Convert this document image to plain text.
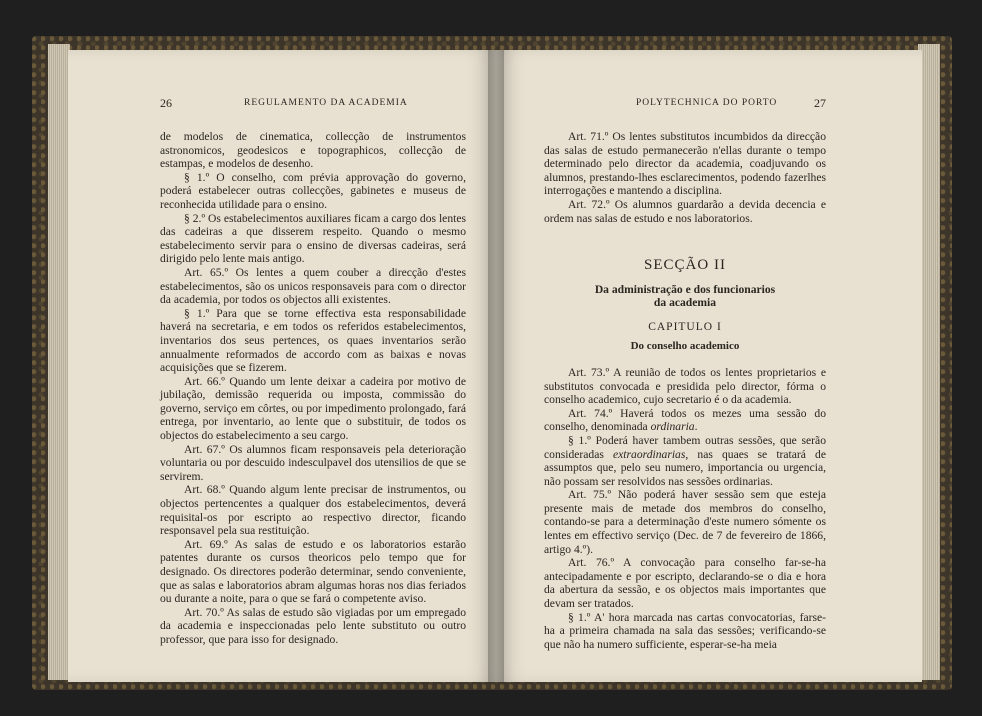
26	REGULAMENTO DA ACADEMIA

de modelos de cinematica, collecção de instrumentos astronomicos, geodesicos e topographicos, collecção de estampas, e modelos de desenho.

§ 1.º O conselho, com prévia approvação do governo, poderá estabelecer outras collecções, gabinetes e museus de reconhecida utilidade para o ensino.

§ 2.º Os estabelecimentos auxiliares ficam a cargo dos lentes das cadeiras a que disserem respeito. Quando o mesmo estabelecimento servir para o ensino de diversas cadeiras, será dirigido pelo lente mais antigo.

Art. 65.º Os lentes a quem couber a direcção d'estes estabelecimentos, são os unicos responsaveis para com o director da academia, por todos os objectos alli existentes.

§ 1.º Para que se torne effectiva esta responsabilidade haverá na secretaria, e em todos os referidos estabelecimentos, inventarios dos seus pertences, os quaes inventarios serão annualmente reformados de accordo com as baixas e novas acquisições que se fizerem.

Art. 66.º Quando um lente deixar a cadeira por motivo de jubilação, demissão requerida ou imposta, commissão do governo, serviço em côrtes, ou por impedimento prolongado, fará entrega, por inventario, ao lente que o substituir, de todos os objectos do estabelecimento a seu cargo.

Art. 67.º Os alumnos ficam responsaveis pela deterioração voluntaria ou por descuido indesculpavel dos utensilios de que se servirem.

Art. 68.º Quando algum lente precisar de instrumentos, ou objectos pertencentes a qualquer dos estabelecimentos, deverá requisital-os por escripto ao respectivo director, ficando responsavel pela sua restituição.

Art. 69.º As salas de estudo e os laboratorios estarão patentes durante os cursos theoricos pelo tempo que for designado. Os directores poderão determinar, sendo conveniente, que as salas e laboratorios abram algumas horas nos dias feriados ou durante a noite, para o que se fará o competente aviso.

Art. 70.º As salas de estudo são vigiadas por um empregado da academia e inspeccionadas pelo lente substituto ou outro professor, que para isso for designado.

POLYTECHNICA DO PORTO	27

Art. 71.º Os lentes substitutos incumbidos da direcção das salas de estudo permanecerão n'ellas durante o tempo determinado pelo director da academia, coadjuvando os alumnos, prestando-lhes esclarecimentos, podendo fazerlhes interrogações e mantendo a disciplina.

Art. 72.º Os alumnos guardarão a devida decencia e ordem nas salas de estudo e nos laboratorios.

SECÇÃO II

Da administração e dos funcionarios

da academia

CAPITULO I
Do conselho academico

Art. 73.º A reunião de todos os lentes proprietarios e substitutos convocada e presidida pelo director, fórma o conselho academico, cujo secretario é o da academia.

Art. 74.º Haverá todos os mezes uma sessão do conselho, denominada ordinaria.

§ 1.º Poderá haver tambem outras sessões, que serão consideradas extraordinarias, nas quaes se tratará de assumptos que, pelo seu numero, importancia ou urgencia, não possam ser resolvidos nas sessões ordinarias.

Art. 75.º Não poderá haver sessão sem que esteja presente mais de metade dos membros do conselho, contando-se para a determinação d'este numero sómente os lentes em effectivo serviço (Dec. de 7 de fevereiro de 1866, artigo 4.º).

Art. 76.º A convocação para conselho far-se-ha antecipadamente e por escripto, declarando-se o dia e hora da abertura da sessão, e os objectos mais importantes que devam ser tratados.

§ 1.º A' hora marcada nas cartas convocatorias, farse-ha a primeira chamada na sala das sessões; verificando-se que não ha numero sufficiente, esperar-se-ha meia
